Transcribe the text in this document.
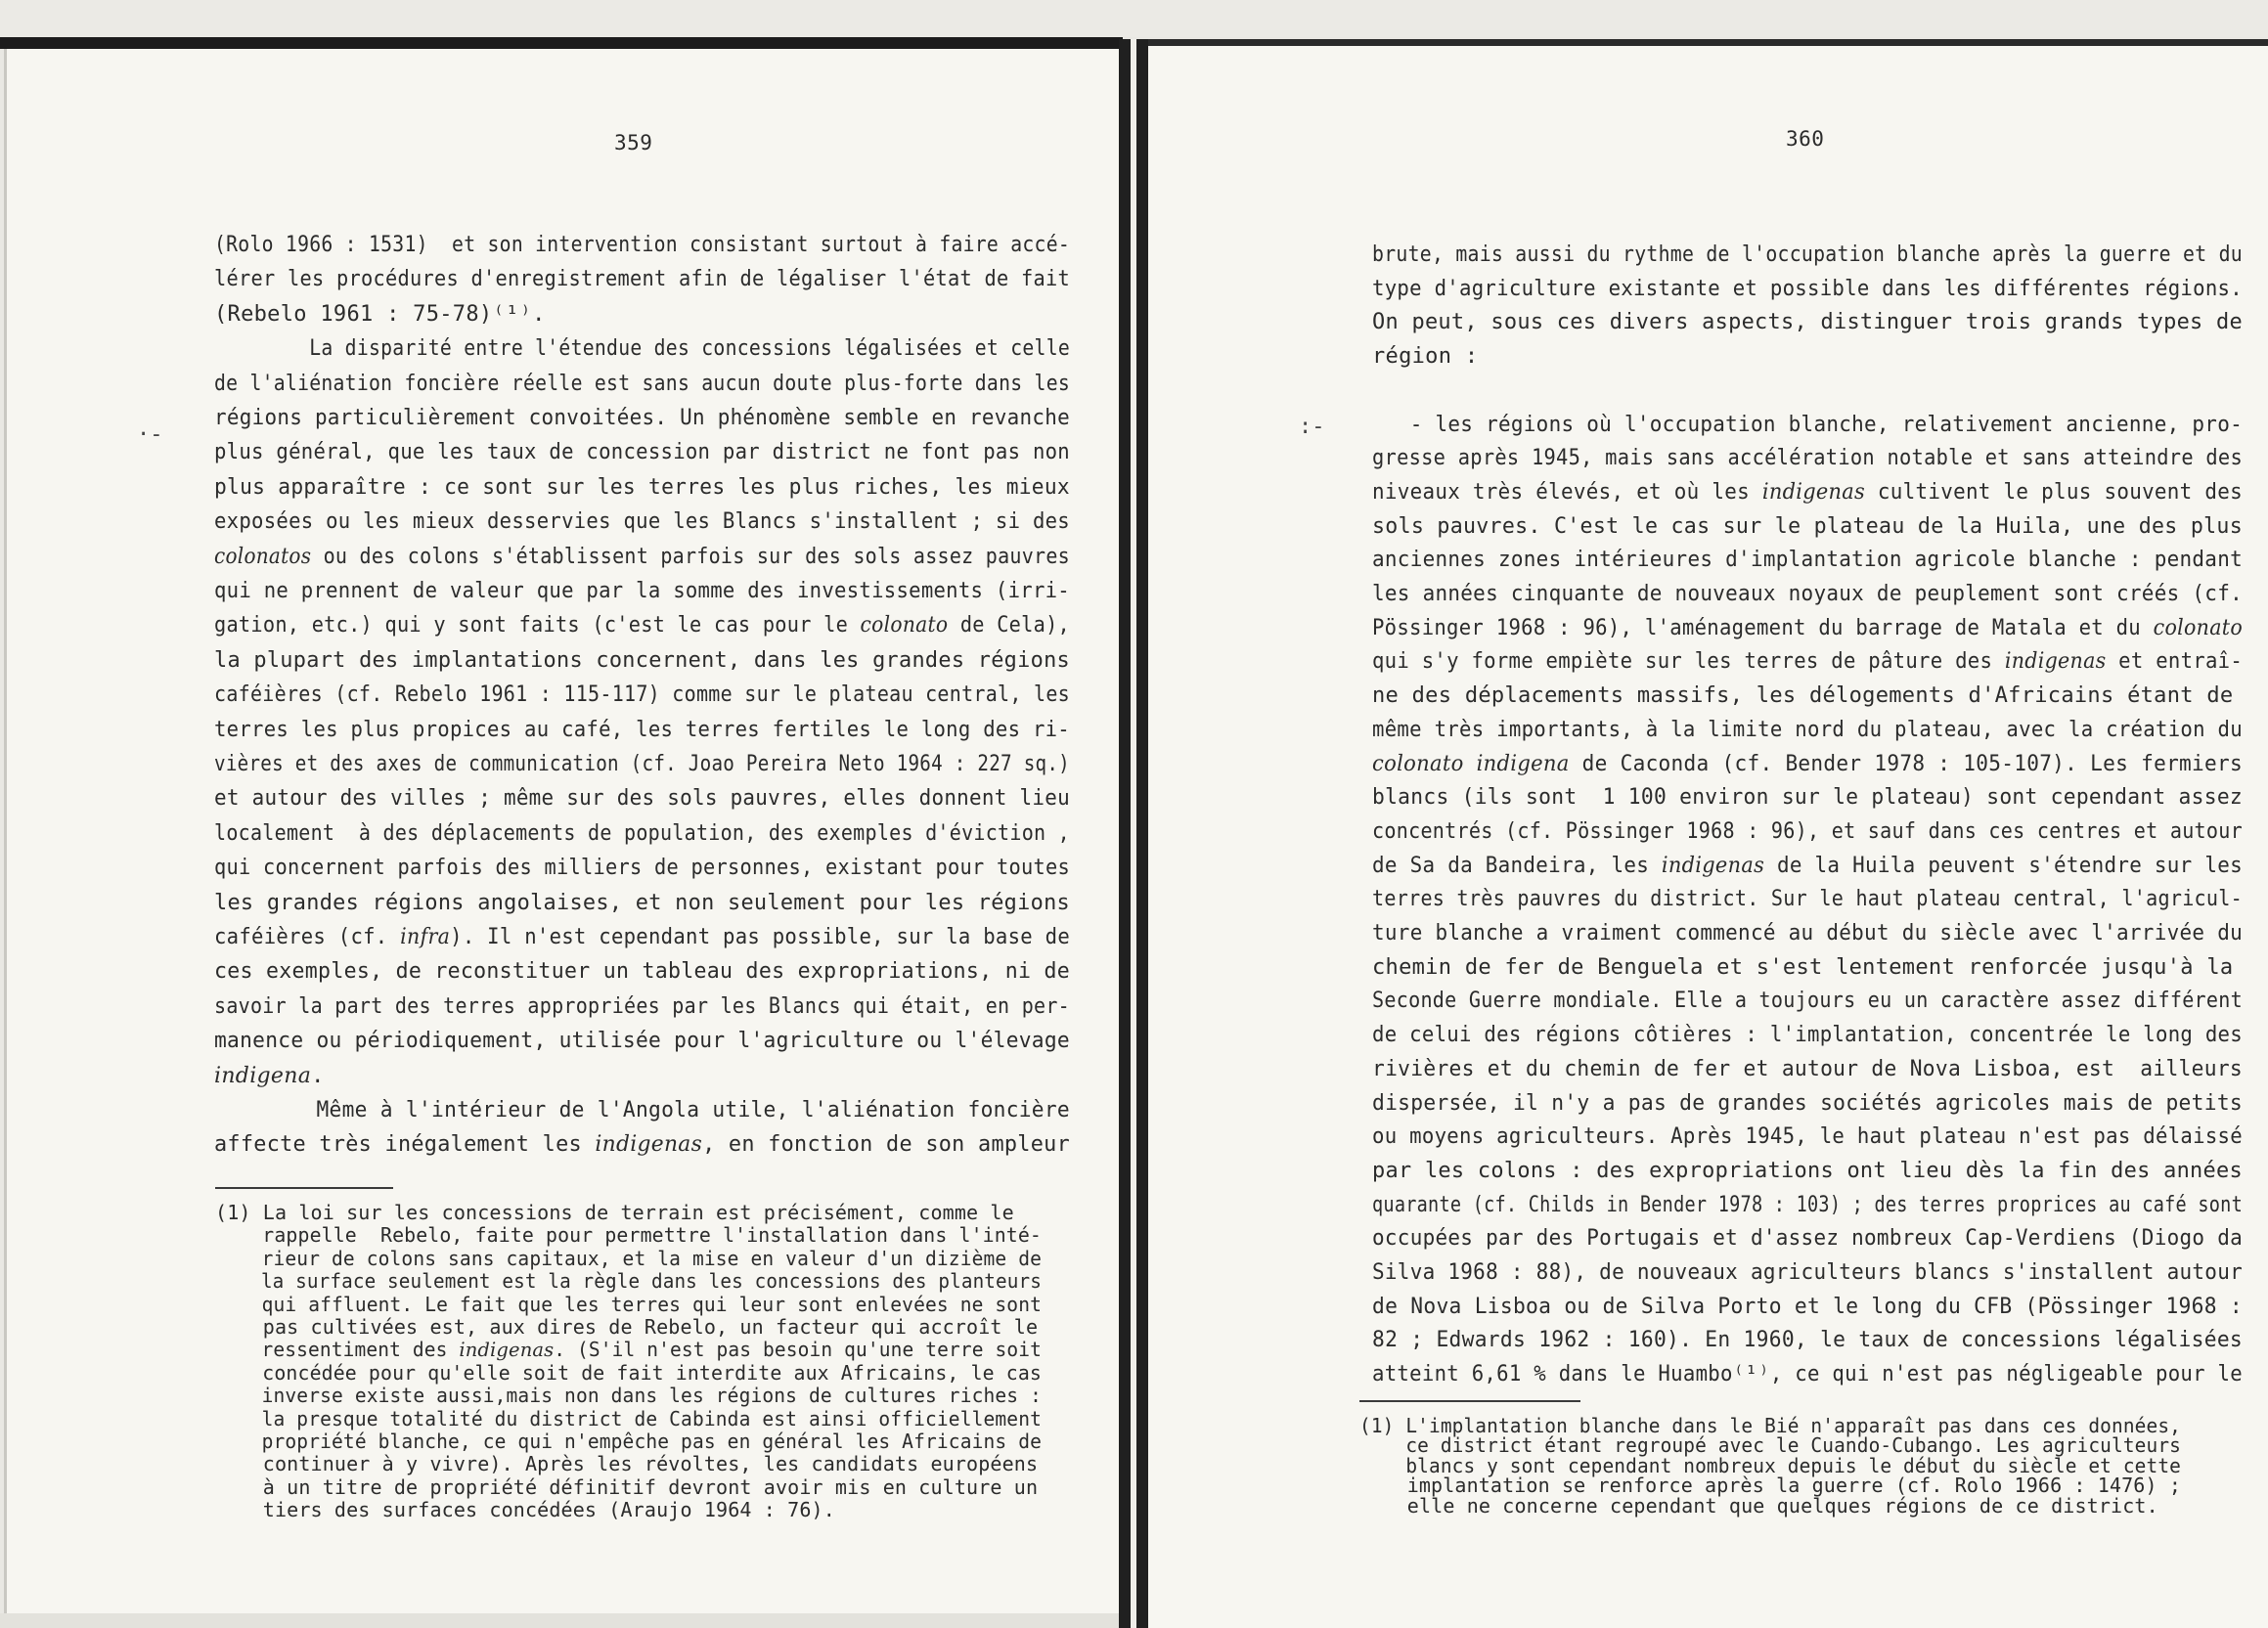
359	360
·-	:-
(Rolo 1966 : 1531)  et son intervention consistant surtout à faire accé-
lérer les procédures d'enregistrement afin de légaliser l'état de fait
(Rebelo 1961 : 75-78)⁽¹⁾.
La disparité entre l'étendue des concessions légalisées et celle
de l'aliénation foncière réelle est sans aucun doute plus-forte dans les
régions particulièrement convoitées. Un phénomène semble en revanche
plus général, que les taux de concession par district ne font pas non
plus apparaître : ce sont sur les terres les plus riches, les mieux
exposées ou les mieux desservies que les Blancs s'installent ; si des
colonatos ou des colons s'établissent parfois sur des sols assez pauvres
qui ne prennent de valeur que par la somme des investissements (irri-
gation, etc.) qui y sont faits (c'est le cas pour le colonato de Cela),
la plupart des implantations concernent, dans les grandes régions
caféières (cf. Rebelo 1961 : 115-117) comme sur le plateau central, les
terres les plus propices au café, les terres fertiles le long des ri-
vières et des axes de communication (cf. Joao Pereira Neto 1964 : 227 sq.)
et autour des villes ; même sur des sols pauvres, elles donnent lieu
localement  à des déplacements de population, des exemples d'éviction ,
qui concernent parfois des milliers de personnes, existant pour toutes
les grandes régions angolaises, et non seulement pour les régions
caféières (cf. infra). Il n'est cependant pas possible, sur la base de
ces exemples, de reconstituer un tableau des expropriations, ni de
savoir la part des terres appropriées par les Blancs qui était, en per-
manence ou périodiquement, utilisée pour l'agriculture ou l'élevage
indigena.
Même à l'intérieur de l'Angola utile, l'aliénation foncière
affecte très inégalement les indigenas, en fonction de son ampleur
(1) La loi sur les concessions de terrain est précisément, comme le
rappelle  Rebelo, faite pour permettre l'installation dans l'inté-
rieur de colons sans capitaux, et la mise en valeur d'un dizième de
la surface seulement est la règle dans les concessions des planteurs
qui affluent. Le fait que les terres qui leur sont enlevées ne sont
pas cultivées est, aux dires de Rebelo, un facteur qui accroît le
ressentiment des indigenas. (S'il n'est pas besoin qu'une terre soit
concédée pour qu'elle soit de fait interdite aux Africains, le cas
inverse existe aussi,mais non dans les régions de cultures riches :
la presque totalité du district de Cabinda est ainsi officiellement
propriété blanche, ce qui n'empêche pas en général les Africains de
continuer à y vivre). Après les révoltes, les candidats européens
à un titre de propriété définitif devront avoir mis en culture un
tiers des surfaces concédées (Araujo 1964 : 76).
brute, mais aussi du rythme de l'occupation blanche après la guerre et du
type d'agriculture existante et possible dans les différentes régions.
On peut, sous ces divers aspects, distinguer trois grands types de
région :
- les régions où l'occupation blanche, relativement ancienne, pro-
gresse après 1945, mais sans accélération notable et sans atteindre des
niveaux très élevés, et où les indigenas cultivent le plus souvent des
sols pauvres. C'est le cas sur le plateau de la Huila, une des plus
anciennes zones intérieures d'implantation agricole blanche : pendant
les années cinquante de nouveaux noyaux de peuplement sont créés (cf.
Pössinger 1968 : 96), l'aménagement du barrage de Matala et du colonato
qui s'y forme empiète sur les terres de pâture des indigenas et entraî-
ne des déplacements massifs, les délogements d'Africains étant de
même très importants, à la limite nord du plateau, avec la création du
colonato indigena de Caconda (cf. Bender 1978 : 105-107). Les fermiers
blancs (ils sont  1 100 environ sur le plateau) sont cependant assez
concentrés (cf. Pössinger 1968 : 96), et sauf dans ces centres et autour
de Sa da Bandeira, les indigenas de la Huila peuvent s'étendre sur les
terres très pauvres du district. Sur le haut plateau central, l'agricul-
ture blanche a vraiment commencé au début du siècle avec l'arrivée du
chemin de fer de Benguela et s'est lentement renforcée jusqu'à la
Seconde Guerre mondiale. Elle a toujours eu un caractère assez différent
de celui des régions côtières : l'implantation, concentrée le long des
rivières et du chemin de fer et autour de Nova Lisboa, est  ailleurs
dispersée, il n'y a pas de grandes sociétés agricoles mais de petits
ou moyens agriculteurs. Après 1945, le haut plateau n'est pas délaissé
par les colons : des expropriations ont lieu dès la fin des années
quarante (cf. Childs in Bender 1978 : 103) ; des terres proprices au café sont
occupées par des Portugais et d'assez nombreux Cap-Verdiens (Diogo da
Silva 1968 : 88), de nouveaux agriculteurs blancs s'installent autour
de Nova Lisboa ou de Silva Porto et le long du CFB (Pössinger 1968 :
82 ; Edwards 1962 : 160). En 1960, le taux de concessions légalisées
atteint 6,61 % dans le Huambo⁽¹⁾, ce qui n'est pas négligeable pour le
(1) L'implantation blanche dans le Bié n'apparaît pas dans ces données,
ce district étant regroupé avec le Cuando-Cubango. Les agriculteurs
blancs y sont cependant nombreux depuis le début du siècle et cette
implantation se renforce après la guerre (cf. Rolo 1966 : 1476) ;
elle ne concerne cependant que quelques régions de ce district.
